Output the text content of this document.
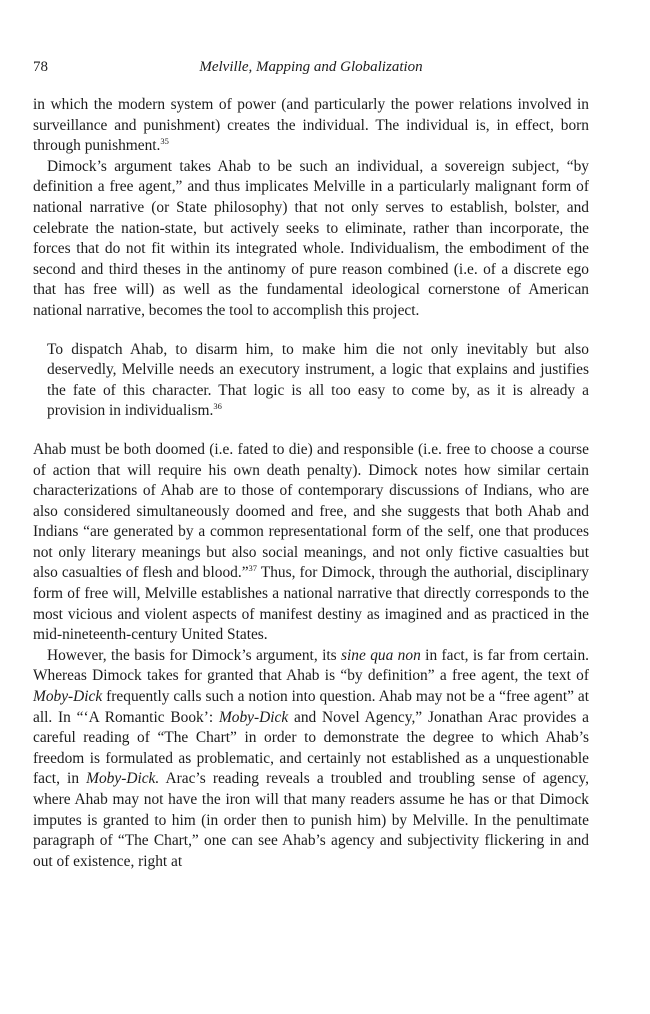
78	Melville, Mapping and Globalization

in which the modern system of power (and particularly the power relations involved in surveillance and punishment) creates the individual. The individual is, in effect, born through punishment.$^{35}$

Dimock’s argument takes Ahab to be such an individual, a sovereign subject, “by definition a free agent,” and thus implicates Melville in a particularly malignant form of national narrative (or State philosophy) that not only serves to establish, bolster, and celebrate the nation-state, but actively seeks to eliminate, rather than incorporate, the forces that do not fit within its integrated whole. Individualism, the embodiment of the second and third theses in the antinomy of pure reason combined (i.e. of a discrete ego that has free will) as well as the fundamental ideological cornerstone of American national narrative, becomes the tool to accomplish this project.

To dispatch Ahab, to disarm him, to make him die not only inevitably but also deservedly, Melville needs an executory instrument, a logic that explains and justifies the fate of this character. That logic is all too easy to come by, as it is already a provision in individualism.$^{36}$

Ahab must be both doomed (i.e. fated to die) and responsible (i.e. free to choose a course of action that will require his own death penalty). Dimock notes how similar certain characterizations of Ahab are to those of contemporary discussions of Indians, who are also considered simultaneously doomed and free, and she suggests that both Ahab and Indians “are generated by a common representational form of the self, one that produces not only literary meanings but also social meanings, and not only fictive casualties but also casualties of flesh and blood.”$^{37}$ Thus, for Dimock, through the authorial, disciplinary form of free will, Melville establishes a national narrative that directly corresponds to the most vicious and violent aspects of manifest destiny as imagined and as practiced in the mid-nineteenth-century United States.

However, the basis for Dimock’s argument, its sine qua non in fact, is far from certain. Whereas Dimock takes for granted that Ahab is “by definition” a free agent, the text of Moby-Dick frequently calls such a notion into question. Ahab may not be a “free agent” at all. In “‘A Romantic Book’: Moby-Dick and Novel Agency,” Jonathan Arac provides a careful reading of “The Chart” in order to demonstrate the degree to which Ahab’s freedom is formulated as problematic, and certainly not established as a unquestionable fact, in Moby-Dick. Arac’s reading reveals a troubled and troubling sense of agency, where Ahab may not have the iron will that many readers assume he has or that Dimock imputes is granted to him (in order then to punish him) by Melville. In the penultimate paragraph of “The Chart,” one can see Ahab’s agency and subjectivity flickering in and out of existence, right at
